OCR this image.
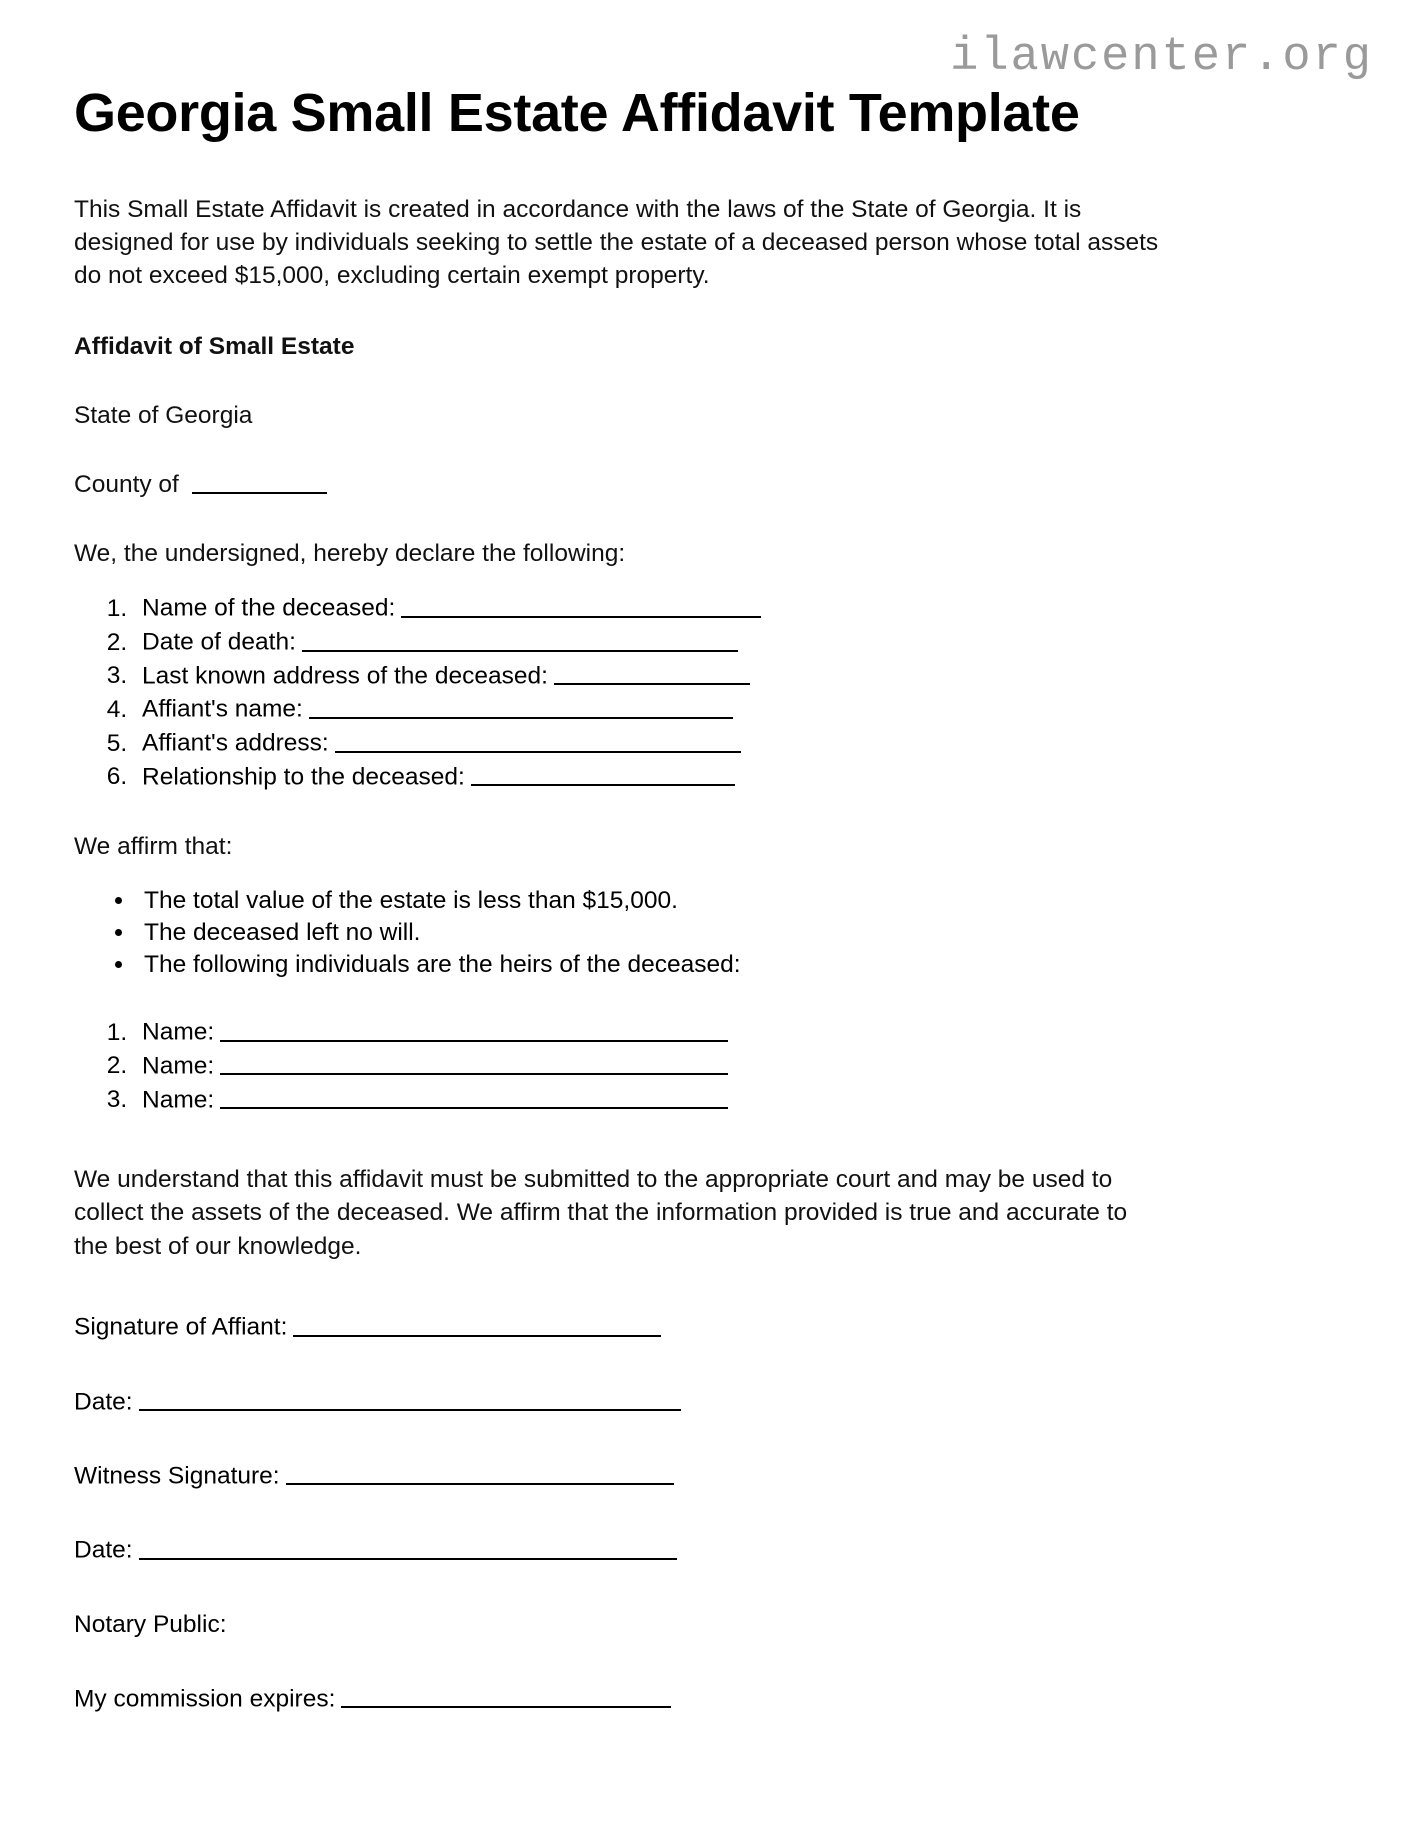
ilawcenter.org
Georgia Small Estate Affidavit Template

This Small Estate Affidavit is created in accordance with the laws of the State of Georgia. It is designed for use by individuals seeking to settle the estate of a deceased person whose total assets do not exceed $15,000, excluding certain exempt property.

Affidavit of Small Estate

State of Georgia

County of

We, the undersigned, hereby declare the following:

1. Name of the deceased:
2. Date of death:
3. Last known address of the deceased:
4. Affiant's name:
5. Affiant's address:
6. Relationship to the deceased:

We affirm that:

• The total value of the estate is less than $15,000.
• The deceased left no will.
• The following individuals are the heirs of the deceased:
1. Name:
2. Name:
3. Name:

We understand that this affidavit must be submitted to the appropriate court and may be used to collect the assets of the deceased. We affirm that the information provided is true and accurate to the best of our knowledge.

Signature of Affiant:

Date:

Witness Signature:

Date:

Notary Public:

My commission expires:
